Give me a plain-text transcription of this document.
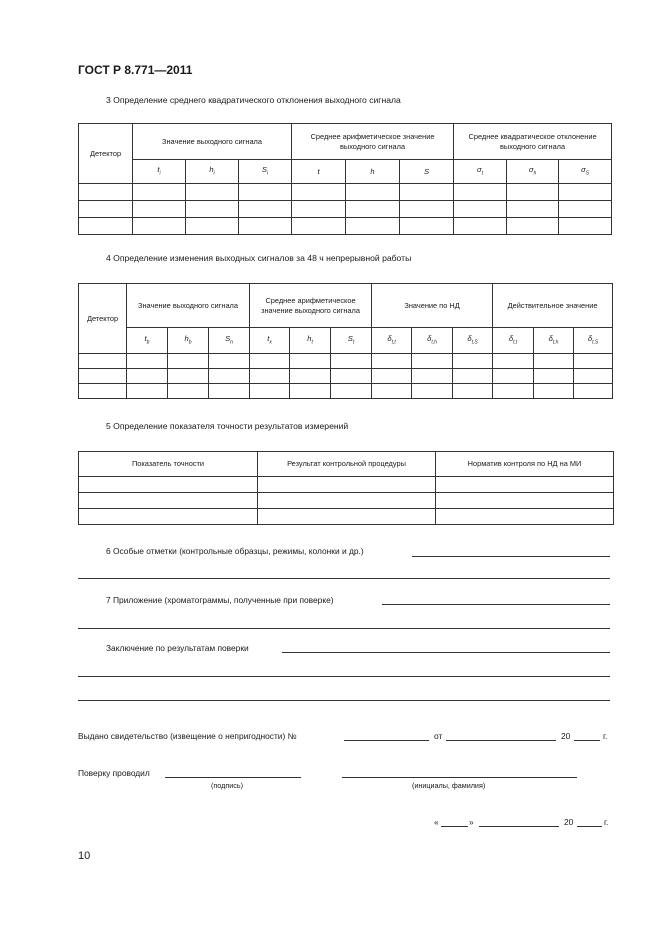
ГОСТ Р 8.771—2011
3 Определение среднего квадратического отклонения выходного сигнала
Детектор	Значение выходного сигнала			Среднее арифметическое значение выходного сигнала			Среднее квадратическое отклонение выходного сигнала		
	$t_i$	$h_i$	$S_i$	t	h	S	$\sigma_t$	$\sigma_h$	$\sigma_S$

4 Определение изменения выходных сигналов за 48 ч непрерывной работы
Детектор	Значение выходного сигнала			Среднее арифметическое значение выходного сигнала			Значение по НД			Действительное значение		
	$t_b$	$h_b$	$S_n$	$t_x$	$h_t$	$S_t$	$\delta_{t,t}$	$\delta_{t,h}$	$\delta_{t,S}$	$\delta_{t,t}$	$\delta_{t,h}$	$\delta_{t,S}$

5 Определение показателя точности результатов измерений
Показатель точности	Результат контрольной процедуры	Норматив контроля по НД на МИ

6 Особые отметки (контрольные образцы, режимы, колонки и др.)
7 Приложение (хроматограммы, полученные при поверке)
Заключение по результатам поверки
Выдано свидетельство (извещение о непригодности) №	от	20	г.
Поверку проводил
(подпись)	(инициалы, фамилия)
«	»	20	г.
10
